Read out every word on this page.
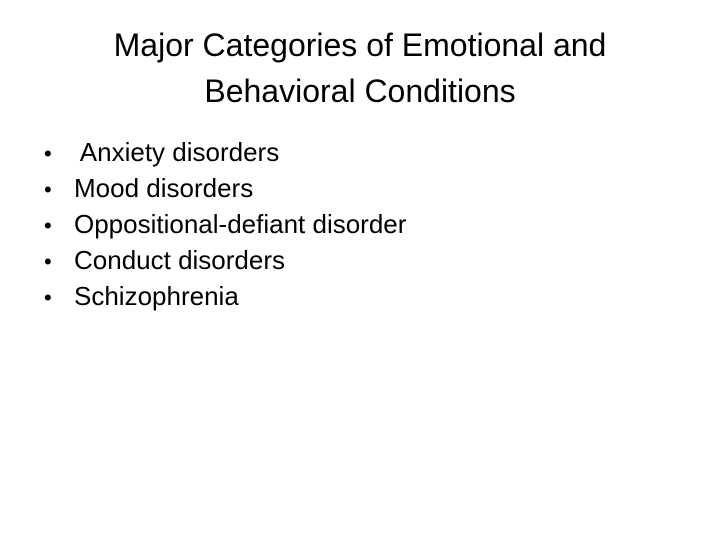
Major Categories of Emotional and
Behavioral Conditions
• Anxiety disorders
• Mood disorders
• Oppositional-defiant disorder
• Conduct disorders
• Schizophrenia
